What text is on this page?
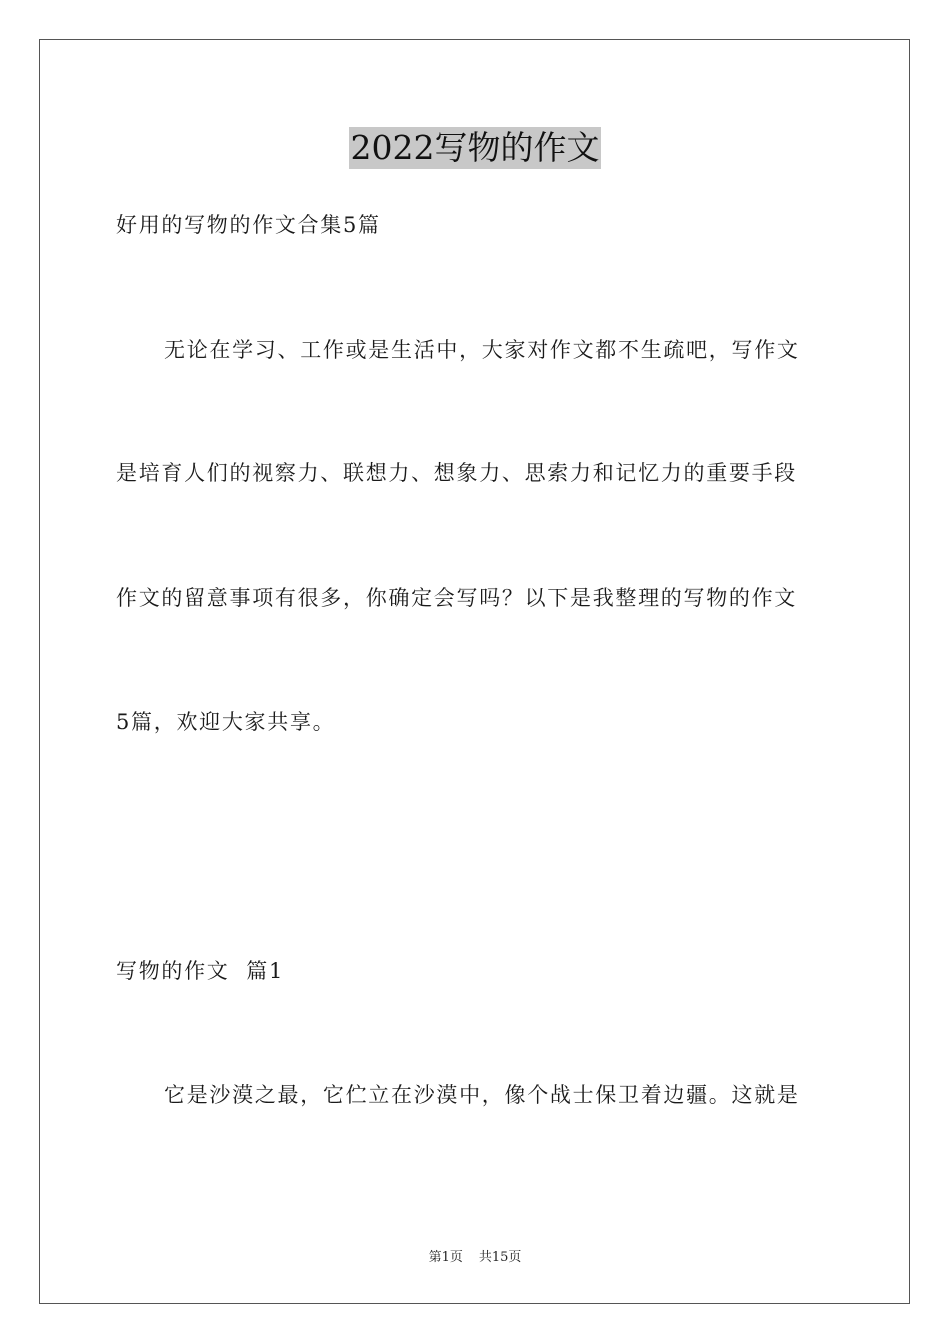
2022写物的作文
好用的写物的作文合集5篇
无论在学习、工作或是生活中，大家对作文都不生疏吧，写作文
是培育人们的视察力、联想力、想象力、思索力和记忆力的重要手段
作文的留意事项有很多，你确定会写吗？以下是我整理的写物的作文
5篇，欢迎大家共享。
写物的作文  篇1
它是沙漠之最，它伫立在沙漠中，像个战士保卫着边疆。这就是
第1页 共15页
